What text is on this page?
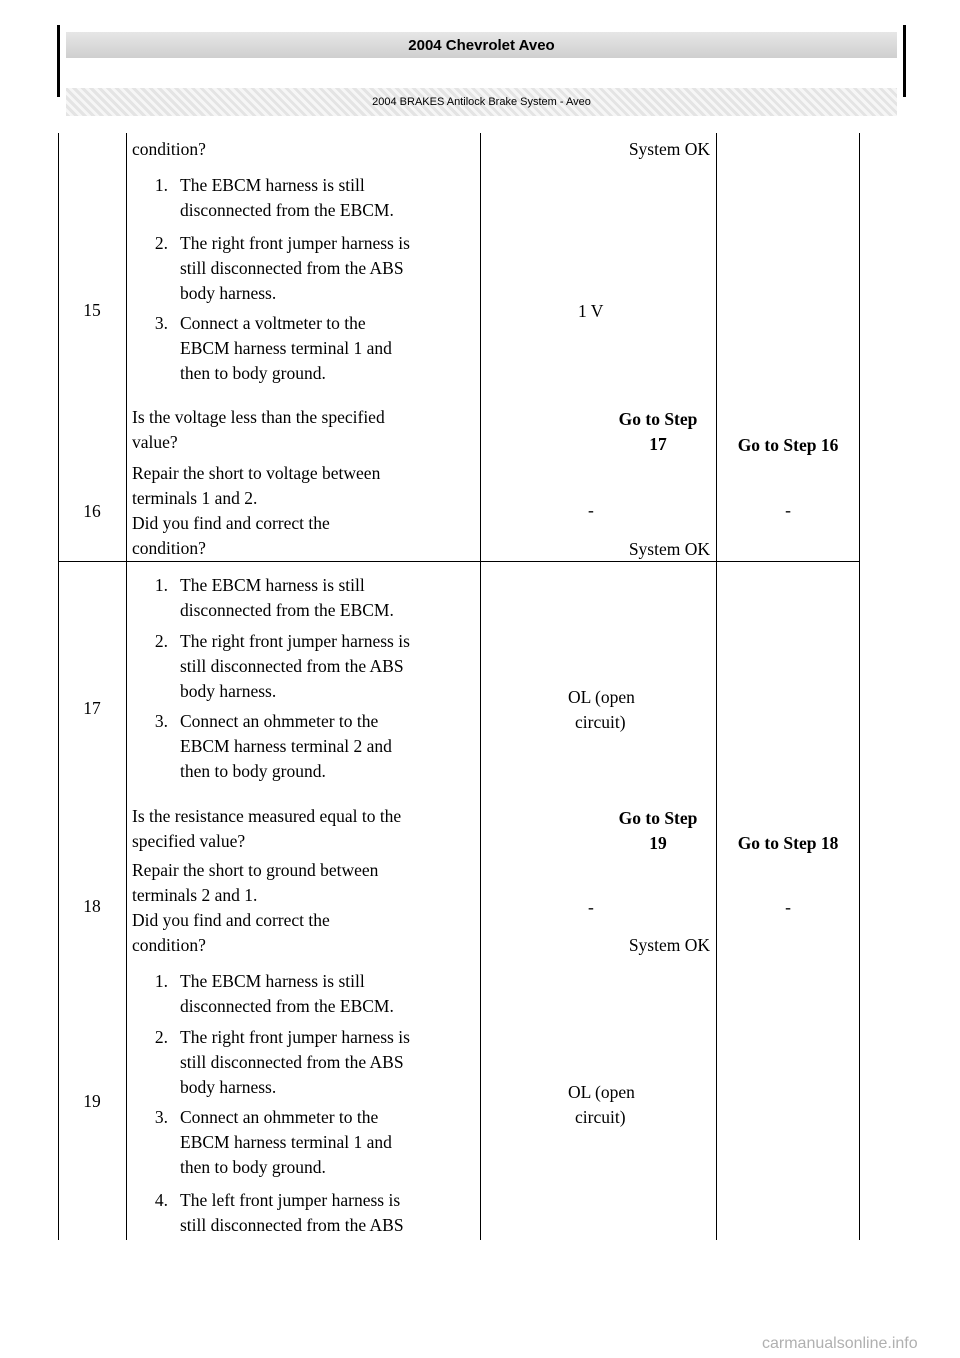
2004 Chevrolet Aveo
2004 BRAKES Antilock Brake System - Aveo
15
condition?
1. The EBCM harness is still
disconnected from the EBCM.
2. The right front jumper harness is
still disconnected from the ABS
body harness.
3. Connect a voltmeter to the
EBCM harness terminal 1 and
then to body ground.
Is the voltage less than the specified
value?
1 V
System OK
Go to Step
17	Go to Step 16
16
Repair the short to voltage between
terminals 1 and 2.
Did you find and correct the
condition?
-
System OK
-
17
1. The EBCM harness is still
disconnected from the EBCM.
2. The right front jumper harness is
still disconnected from the ABS
body harness.
3. Connect an ohmmeter to the
EBCM harness terminal 2 and
then to body ground.
Is the resistance measured equal to the
specified value?
OL (open
circuit)
Go to Step
19	Go to Step 18
18
Repair the short to ground between
terminals 2 and 1.
Did you find and correct the
condition?
-
System OK
-
19
1. The EBCM harness is still
disconnected from the EBCM.
2. The right front jumper harness is
still disconnected from the ABS
body harness.
3. Connect an ohmmeter to the
EBCM harness terminal 1 and
then to body ground.
4. The left front jumper harness is
still disconnected from the ABS
OL (open
circuit)
carmanualsonline.info
